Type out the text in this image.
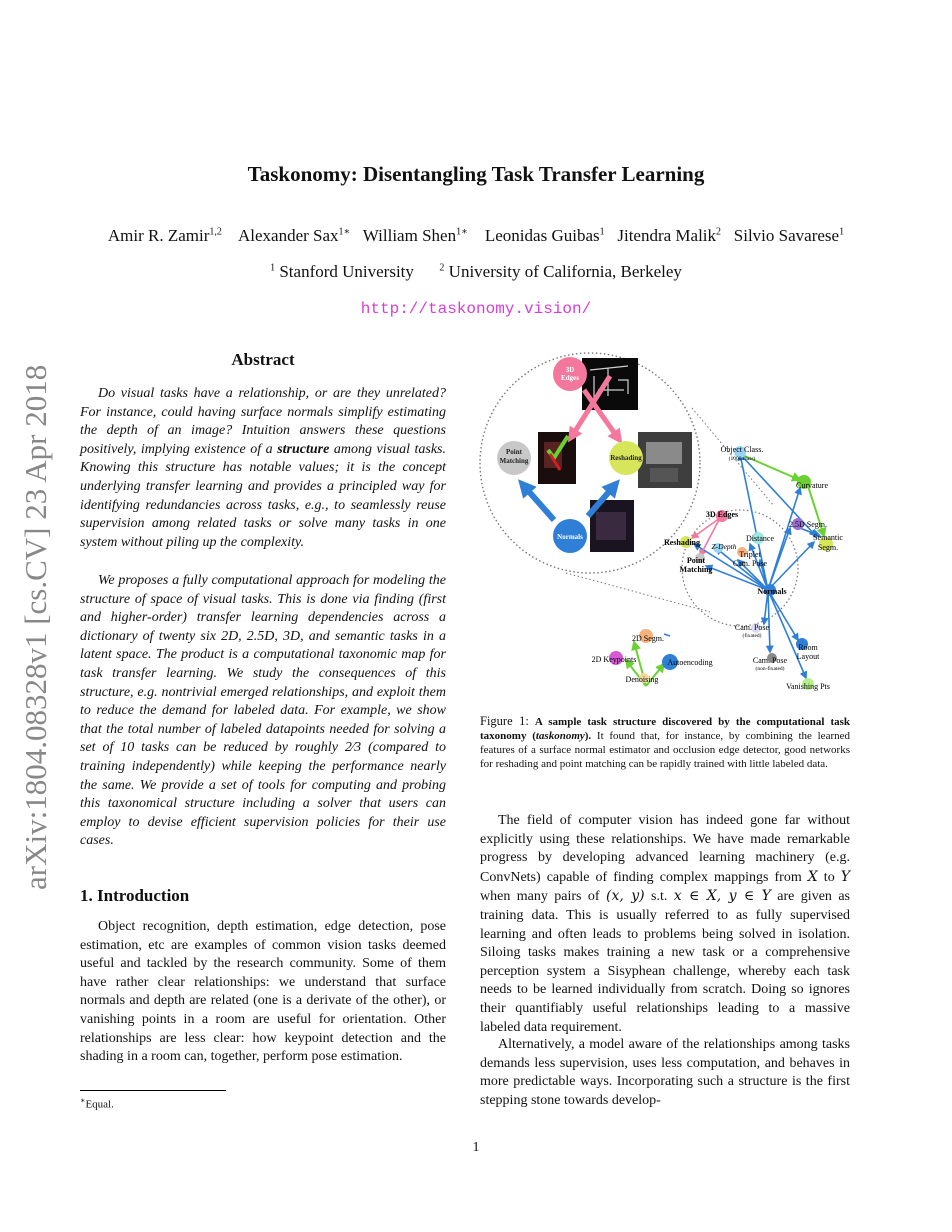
arXiv:1804.08328v1 [cs.CV] 23 Apr 2018
Taskonomy: Disentangling Task Transfer Learning
Amir R. Zamir$^{1,2}$ Alexander Sax$^{1∗}$ William Shen$^{1∗}$ Leonidas Guibas$^1$ Jitendra Malik$^2$ Silvio Savarese$^1$
$^1$ Stanford University	$^2$ University of California, Berkeley
http://taskonomy.vision/
Abstract

Do visual tasks have a relationship, or are they unrelated? For instance, could having surface normals simplify estimating the depth of an image? Intuition answers these questions positively, implying existence of a structure among visual tasks. Knowing this structure has notable values; it is the concept underlying transfer learning and provides a principled way for identifying redundancies across tasks, e.g., to seamlessly reuse supervision among related tasks or solve many tasks in one system without piling up the complexity.

We proposes a fully computational approach for modeling the structure of space of visual tasks. This is done via finding (first and higher-order) transfer learning dependencies across a dictionary of twenty six 2D, 2.5D, 3D, and semantic tasks in a latent space. The product is a computational taxonomic map for task transfer learning. We study the consequences of this structure, e.g. nontrivial emerged relationships, and exploit them to reduce the demand for labeled data. For example, we show that the total number of labeled datapoints needed for solving a set of 10 tasks can be reduced by roughly 2⁄3 (compared to training independently) while keeping the performance nearly the same. We provide a set of tools for computing and probing this taxonomical structure including a solver that users can employ to devise efficient supervision policies for their use cases.

1. Introduction

Object recognition, depth estimation, edge detection, pose estimation, etc are examples of common vision tasks deemed useful and tackled by the research community. Some of them have rather clear relationships: we understand that surface normals and depth are related (one is a derivate of the other), or vanishing points in a room are useful for orientation. Other relationships are less clear: how keypoint detection and the shading in a room can, together, perform pose estimation.

∗Equal.
3D
Edges
Point
Matching	Reshading
Normals
Object Class.
(1000 class)
Curvature
3D Edges
Distance
2.5D Segm.
Semantic
Segm.
Reshading Z-Depth
Triplet
Cam. Pose
Point
Matching
Normals
Cam. Pose
(fixated)
Room
Layout
Cam. Pose
(non-fixated)
Vanishing Pts
2D Segm.
2D Keypoints	Autoencoding
Denoising

Figure 1: A sample task structure discovered by the computational task taxonomy (taskonomy). It found that, for instance, by combining the learned features of a surface normal estimator and occlusion edge detector, good networks for reshading and point matching can be rapidly trained with little labeled data.

The field of computer vision has indeed gone far without explicitly using these relationships. We have made remarkable progress by developing advanced learning machinery (e.g. ConvNets) capable of finding complex mappings from X to Y when many pairs of (x, y) s.t. x ∈ X, y ∈ Y are given as training data. This is usually referred to as fully supervised learning and often leads to problems being solved in isolation. Siloing tasks makes training a new task or a comprehensive perception system a Sisyphean challenge, whereby each task needs to be learned individually from scratch. Doing so ignores their quantifiably useful relationships leading to a massive labeled data requirement.

Alternatively, a model aware of the relationships among tasks demands less supervision, uses less computation, and behaves in more predictable ways. Incorporating such a structure is the first stepping stone towards develop-

1
